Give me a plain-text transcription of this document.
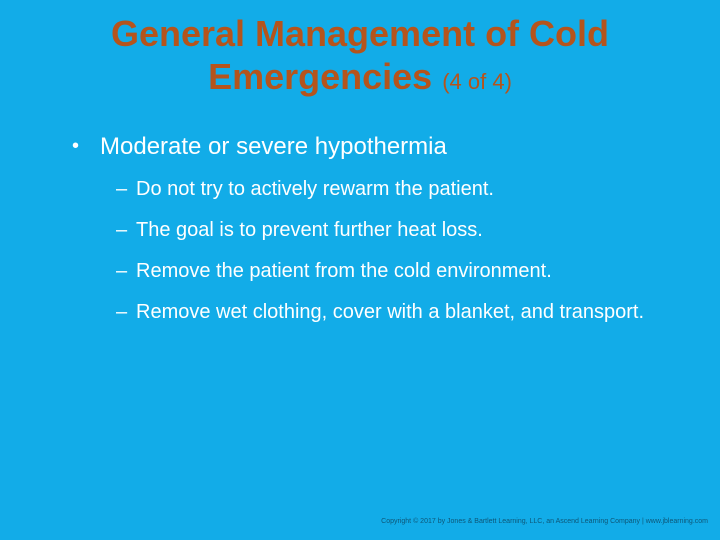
General Management of Cold Emergencies (4 of 4)
• Moderate or severe hypothermia
– Do not try to actively rewarm the patient.
– The goal is to prevent further heat loss.
– Remove the patient from the cold environment.
– Remove wet clothing, cover with a blanket, and transport.
Copyright © 2017 by Jones & Bartlett Learning, LLC, an Ascend Learning Company | www.jblearning.com
